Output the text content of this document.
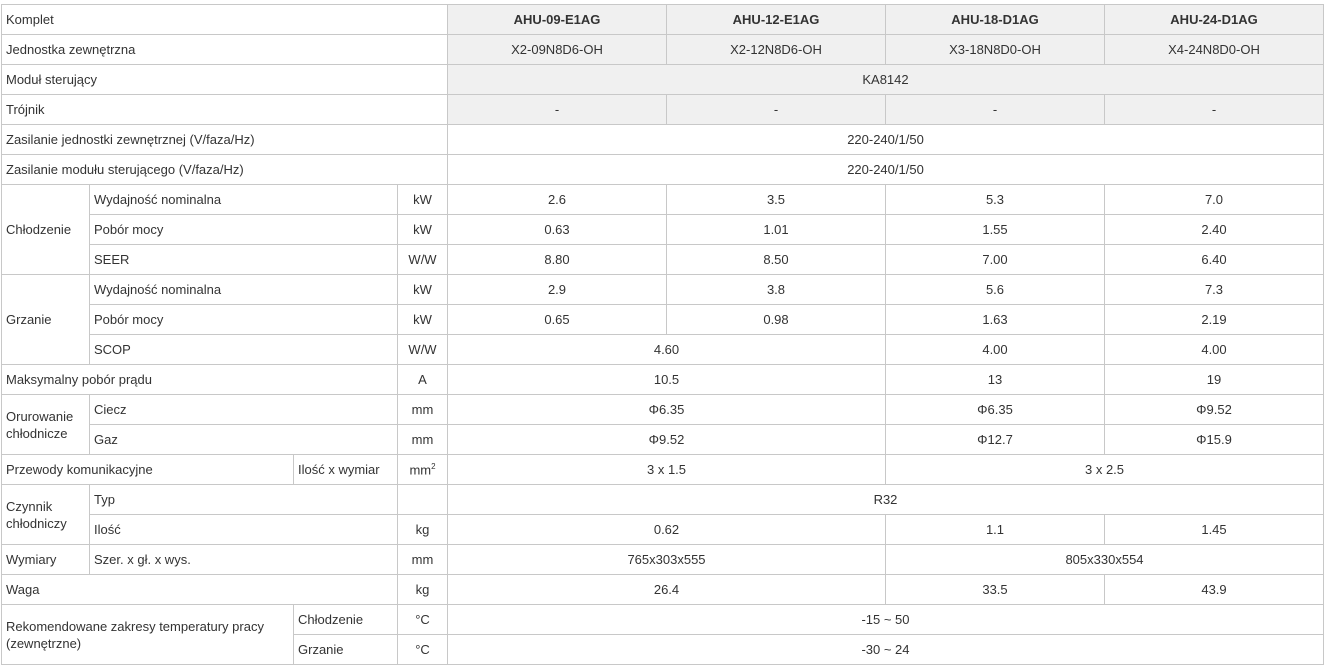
Komplet				AHU-09-E1AG	AHU-12-E1AG	AHU-18-D1AG	AHU-24-D1AG
Jednostka zewnętrzna				X2-09N8D6-OH	X2-12N8D6-OH	X3-18N8D0-OH	X4-24N8D0-OH
Moduł sterujący				KA8142			
Trójnik				-	-	-	-
Zasilanie jednostki zewnętrznej (V/faza/Hz)				220-240/1/50			
Zasilanie modułu sterującego (V/faza/Hz)				220-240/1/50			
Chłodzenie	Wydajność nominalna		kW	2.6	3.5	5.3	7.0
	Pobór mocy		kW	0.63	1.01	1.55	2.40
	SEER		W/W	8.80	8.50	7.00	6.40
Grzanie	Wydajność nominalna		kW	2.9	3.8	5.6	7.3
	Pobór mocy		kW	0.65	0.98	1.63	2.19
	SCOP		W/W	4.60		4.00	4.00
Maksymalny pobór prądu			A	10.5		13	19
Orurowanie chłodnicze	Ciecz		mm	Φ6.35		Φ6.35	Φ9.52
	Gaz		mm	Φ9.52		Φ12.7	Φ15.9
Przewody komunikacyjne		Ilość x wymiar	$mm^2$	3 x 1.5		3 x 2.5	
Czynnik chłodniczy	Typ			R32			
	Ilość		kg	0.62		1.1	1.45
Wymiary	Szer. x gł. x wys.		mm	765x303x555		805x330x554	
Waga			kg	26.4		33.5	43.9
Rekomendowane zakresy temperatury pracy (zewnętrzne)		Chłodzenie	°C	-15 ~ 50			
		Grzanie	°C	-30 ~ 24			
